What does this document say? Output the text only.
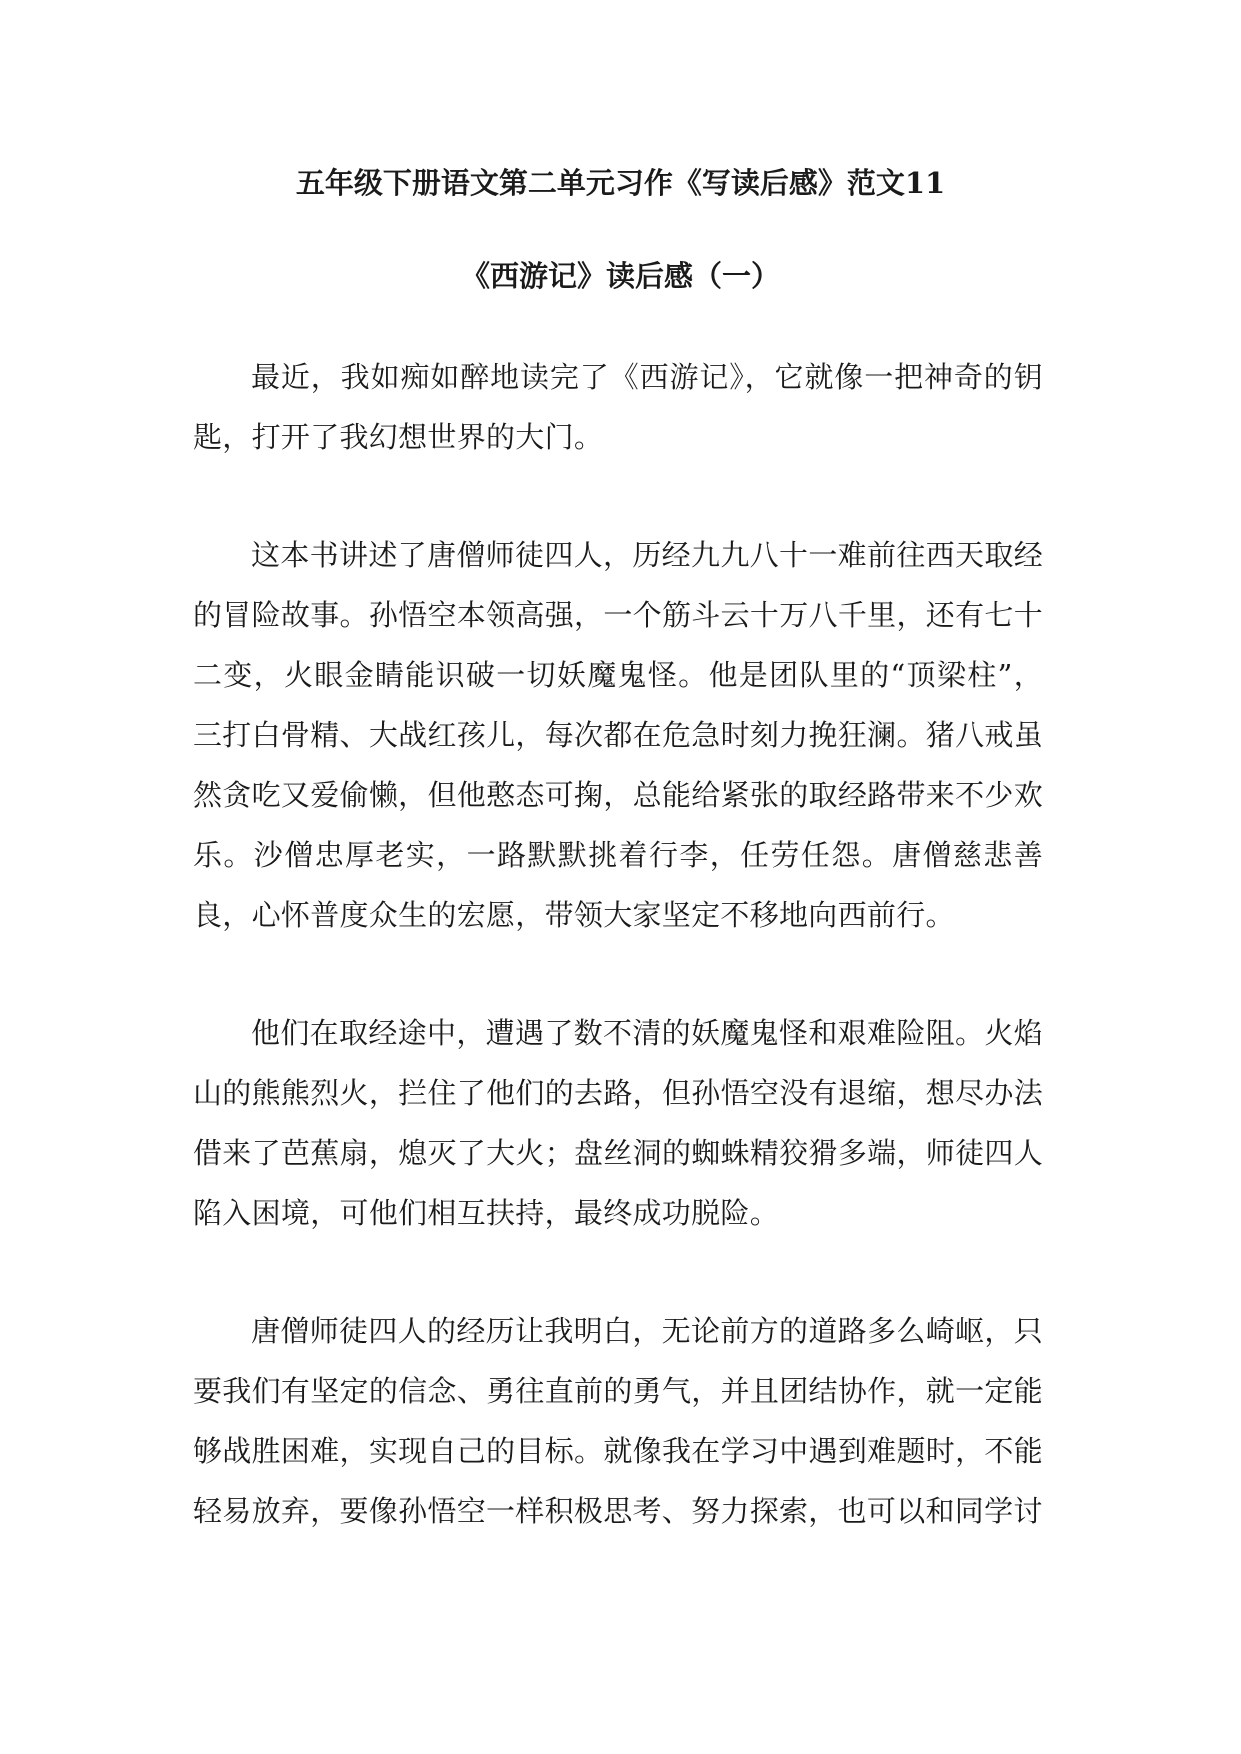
五年级下册语文第二单元习作《写读后感》范文11
《西游记》读后感（一）

最近，我如痴如醉地读完了《西游记》，它就像一把神奇的钥匙，打开了我幻想世界的大门。

这本书讲述了唐僧师徒四人，历经九九八十一难前往西天取经的冒险故事。孙悟空本领高强，一个筋斗云十万八千里，还有七十二变，火眼金睛能识破一切妖魔鬼怪。他是团队里的“顶梁柱”，三打白骨精、大战红孩儿，每次都在危急时刻力挽狂澜。猪八戒虽然贪吃又爱偷懒，但他憨态可掬，总能给紧张的取经路带来不少欢乐。沙僧忠厚老实，一路默默挑着行李，任劳任怨。唐僧慈悲善良，心怀普度众生的宏愿，带领大家坚定不移地向西前行。

他们在取经途中，遭遇了数不清的妖魔鬼怪和艰难险阻。火焰山的熊熊烈火，拦住了他们的去路，但孙悟空没有退缩，想尽办法借来了芭蕉扇，熄灭了大火；盘丝洞的蜘蛛精狡猾多端，师徒四人陷入困境，可他们相互扶持，最终成功脱险。

唐僧师徒四人的经历让我明白，无论前方的道路多么崎岖，只要我们有坚定的信念、勇往直前的勇气，并且团结协作，就一定能够战胜困难，实现自己的目标。就像我在学习中遇到难题时，不能轻易放弃，要像孙悟空一样积极思考、努力探索，也可以和同学讨
